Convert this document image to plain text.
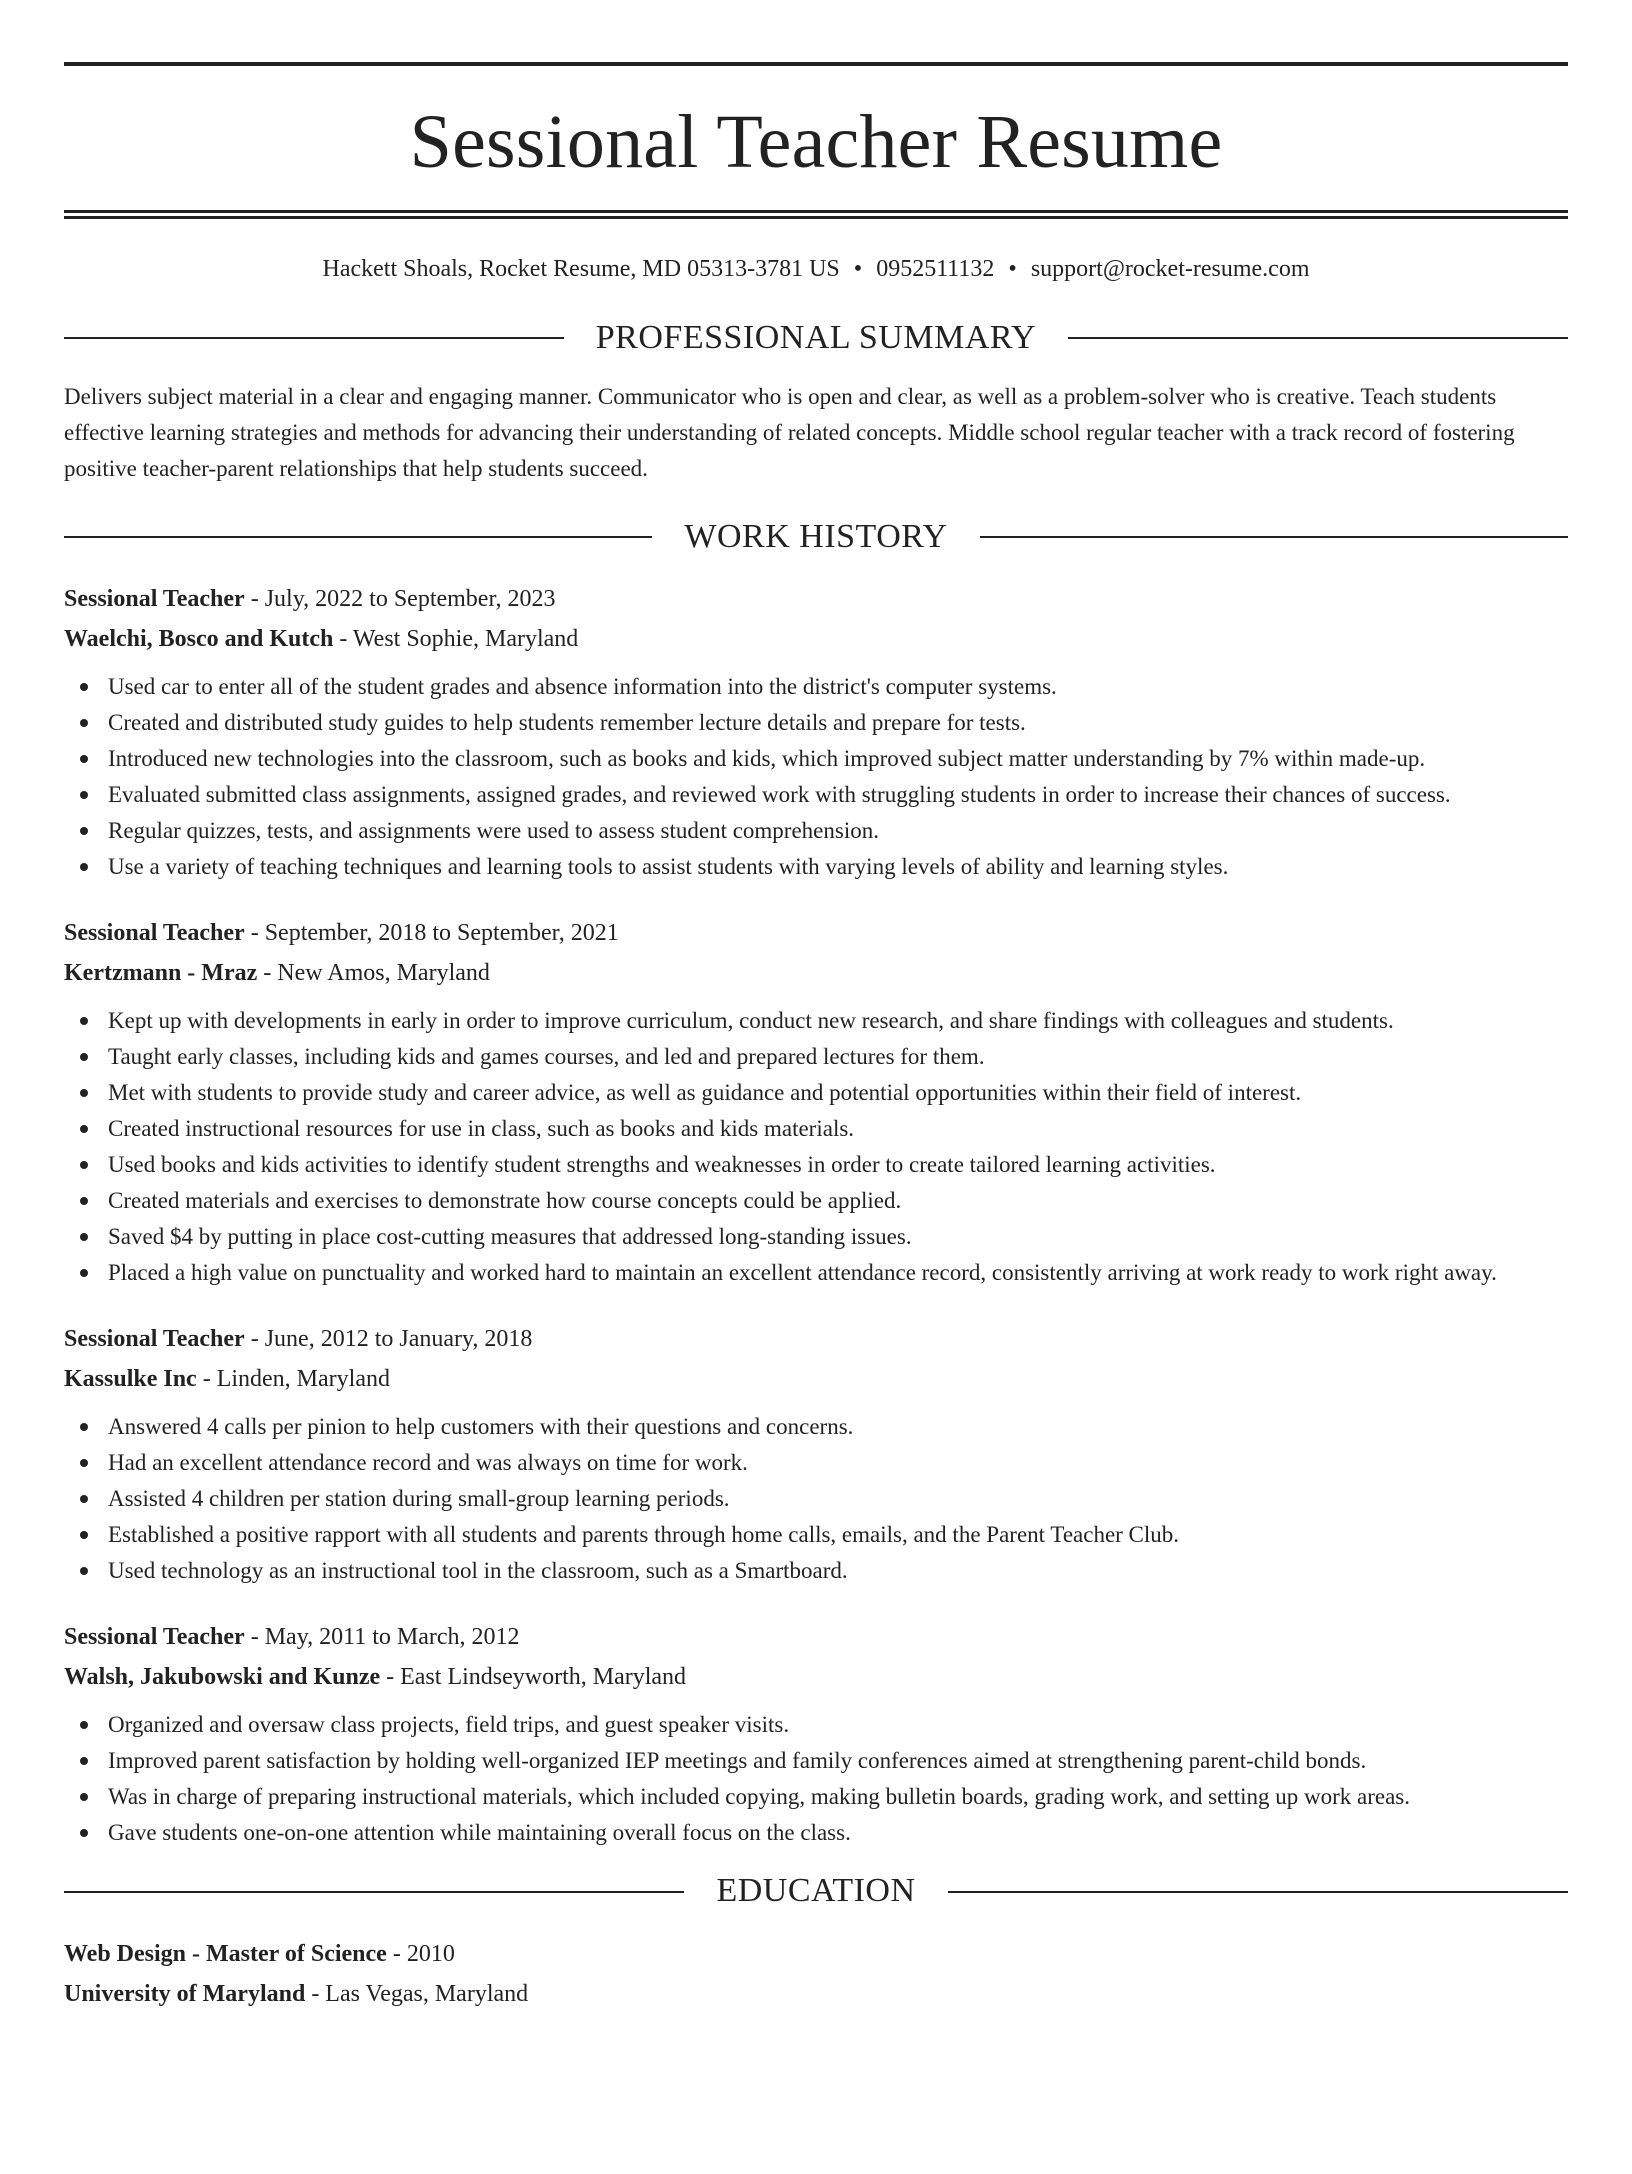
Sessional Teacher Resume
Hackett Shoals, Rocket Resume, MD 05313-3781 US • 0952511132 • support@rocket-resume.com
PROFESSIONAL SUMMARY
Delivers subject material in a clear and engaging manner. Communicator who is open and clear, as well as a problem-solver who is creative. Teach students effective learning strategies and methods for advancing their understanding of related concepts. Middle school regular teacher with a track record of fostering positive teacher-parent relationships that help students succeed.
WORK HISTORY
Sessional Teacher - July, 2022 to September, 2023
Waelchi, Bosco and Kutch - West Sophie, Maryland
Used car to enter all of the student grades and absence information into the district's computer systems.
Created and distributed study guides to help students remember lecture details and prepare for tests.
Introduced new technologies into the classroom, such as books and kids, which improved subject matter understanding by 7% within made-up.
Evaluated submitted class assignments, assigned grades, and reviewed work with struggling students in order to increase their chances of success.
Regular quizzes, tests, and assignments were used to assess student comprehension.
Use a variety of teaching techniques and learning tools to assist students with varying levels of ability and learning styles.
Sessional Teacher - September, 2018 to September, 2021
Kertzmann - Mraz - New Amos, Maryland
Kept up with developments in early in order to improve curriculum, conduct new research, and share findings with colleagues and students.
Taught early classes, including kids and games courses, and led and prepared lectures for them.
Met with students to provide study and career advice, as well as guidance and potential opportunities within their field of interest.
Created instructional resources for use in class, such as books and kids materials.
Used books and kids activities to identify student strengths and weaknesses in order to create tailored learning activities.
Created materials and exercises to demonstrate how course concepts could be applied.
Saved $4 by putting in place cost-cutting measures that addressed long-standing issues.
Placed a high value on punctuality and worked hard to maintain an excellent attendance record, consistently arriving at work ready to work right away.
Sessional Teacher - June, 2012 to January, 2018
Kassulke Inc - Linden, Maryland
Answered 4 calls per pinion to help customers with their questions and concerns.
Had an excellent attendance record and was always on time for work.
Assisted 4 children per station during small-group learning periods.
Established a positive rapport with all students and parents through home calls, emails, and the Parent Teacher Club.
Used technology as an instructional tool in the classroom, such as a Smartboard.
Sessional Teacher - May, 2011 to March, 2012
Walsh, Jakubowski and Kunze - East Lindseyworth, Maryland
Organized and oversaw class projects, field trips, and guest speaker visits.
Improved parent satisfaction by holding well-organized IEP meetings and family conferences aimed at strengthening parent-child bonds.
Was in charge of preparing instructional materials, which included copying, making bulletin boards, grading work, and setting up work areas.
Gave students one-on-one attention while maintaining overall focus on the class.
EDUCATION
Web Design - Master of Science - 2010
University of Maryland - Las Vegas, Maryland
